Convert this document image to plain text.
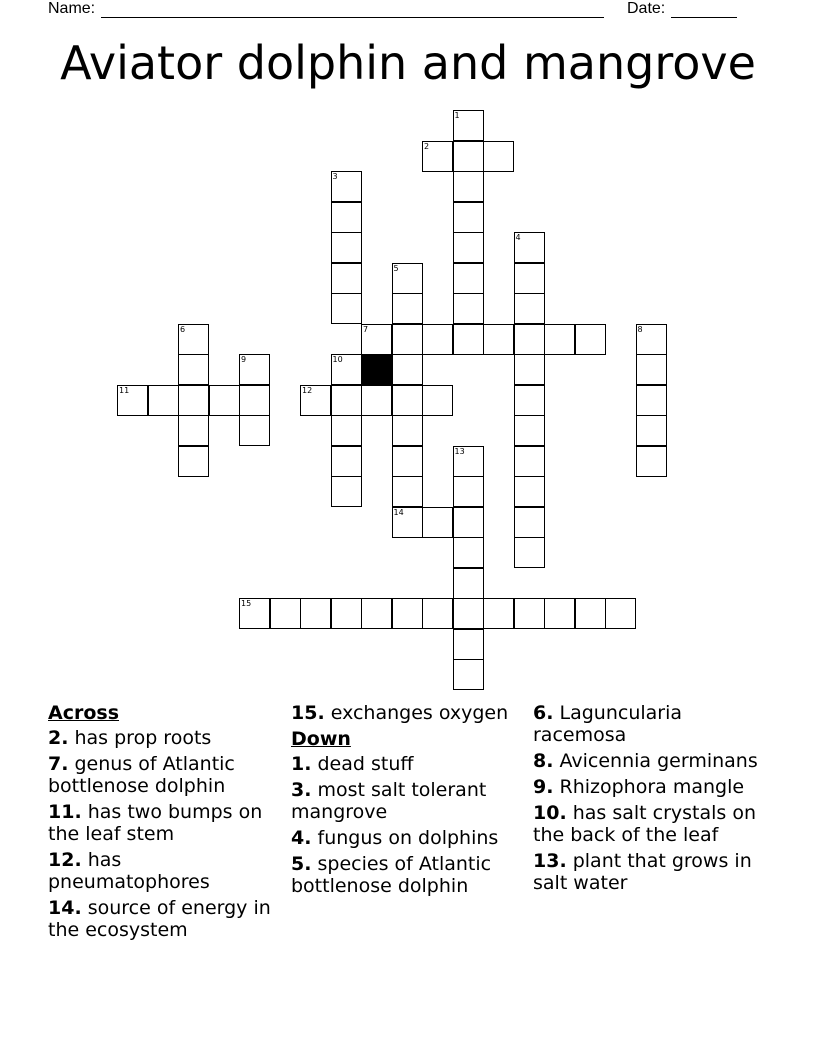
Name:	Date:
Aviator dolphin and mangrove
1
2
3
4
5
6	7	8
9	10
11	12
13
14
15
Across
2. has prop roots
7. genus of Atlantic bottlenose dolphin
11. has two bumps on the leaf stem
12. has pneumatophores
14. source of energy in the ecosystem
15. exchanges oxygen
Down
1. dead stuff
3. most salt tolerant mangrove
4. fungus on dolphins
5. species of Atlantic bottlenose dolphin
6. Laguncularia racemosa
8. Avicennia germinans
9. Rhizophora mangle
10. has salt crystals on the back of the leaf
13. plant that grows in salt water
